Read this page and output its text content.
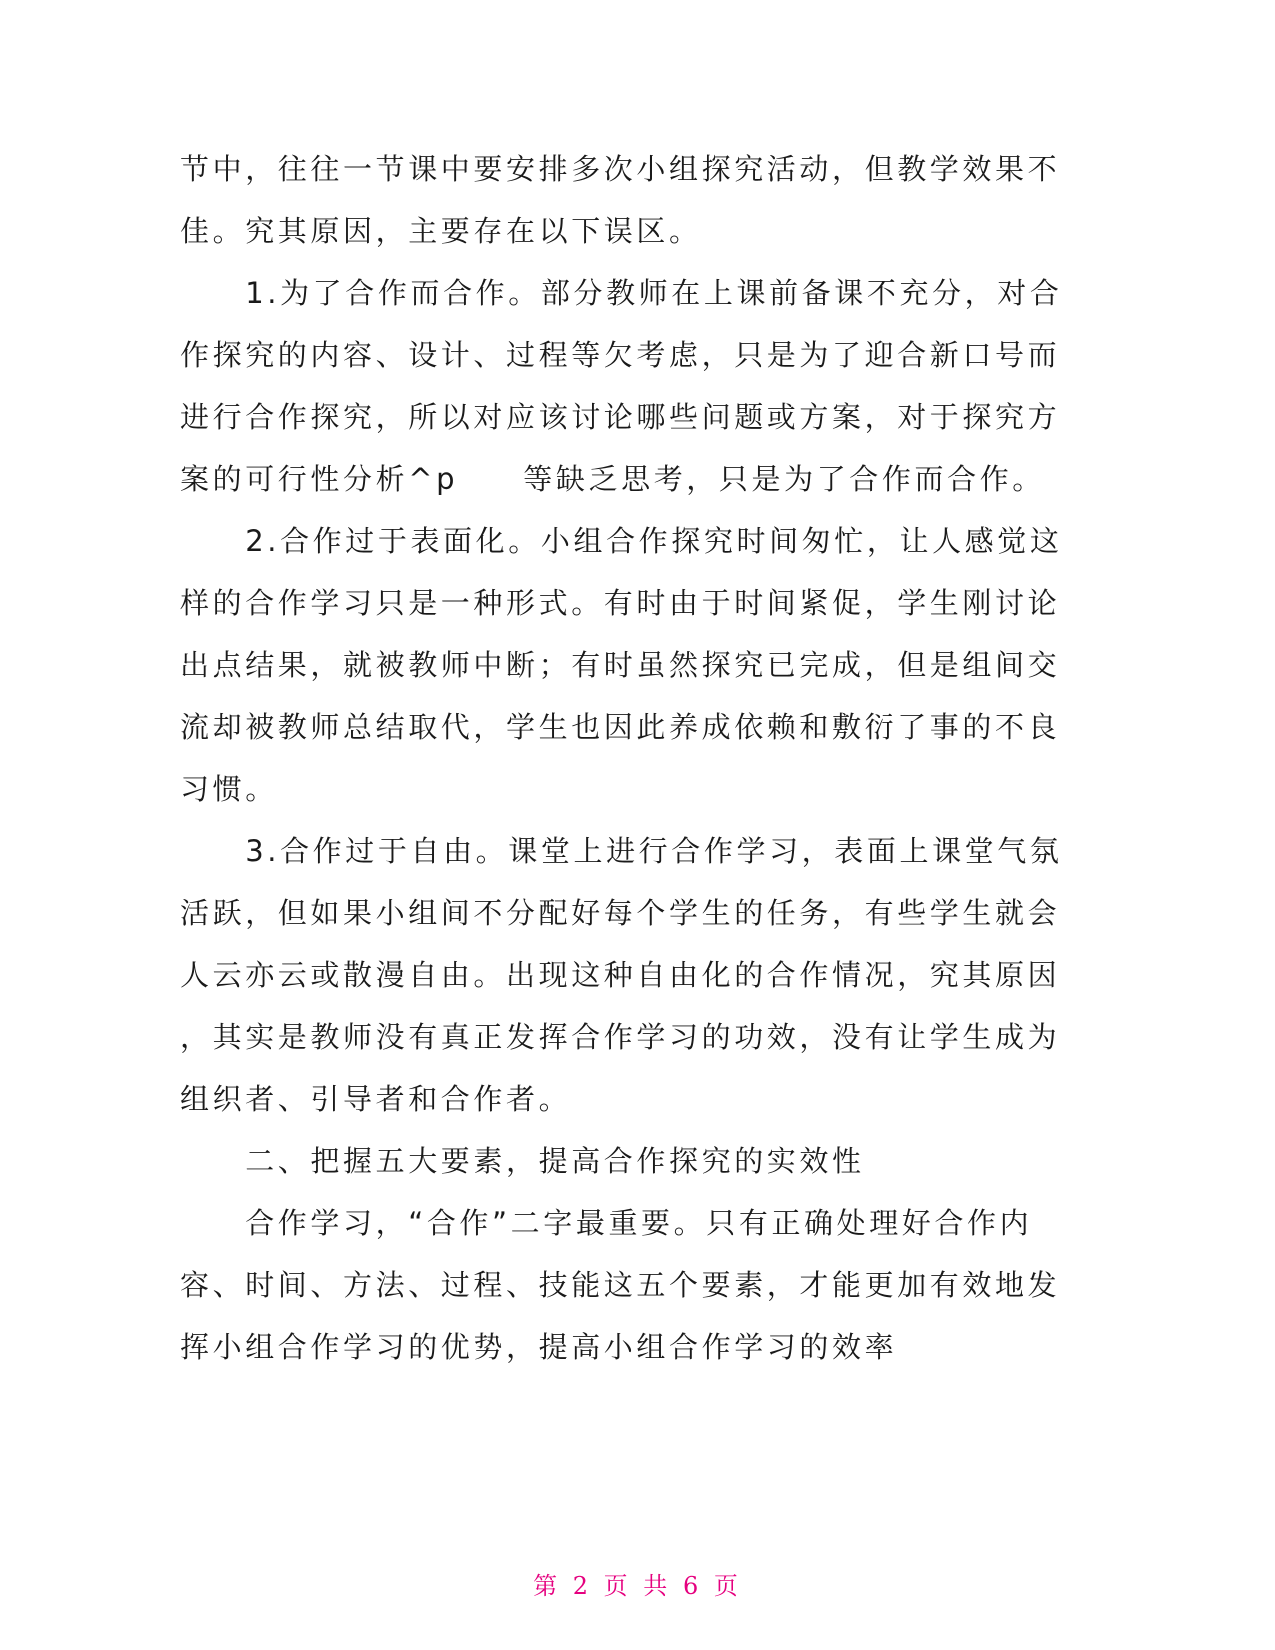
节中，往往一节课中要安排多次小组探究活动，但教学效果不
佳。究其原因，主要存在以下误区。
　　1.为了合作而合作。部分教师在上课前备课不充分，对合
作探究的内容、设计、过程等欠考虑，只是为了迎合新口号而
进行合作探究，所以对应该讨论哪些问题或方案，对于探究方
案的可行性分析^p　　等缺乏思考，只是为了合作而合作。
　　2.合作过于表面化。小组合作探究时间匆忙，让人感觉这
样的合作学习只是一种形式。有时由于时间紧促，学生刚讨论
出点结果，就被教师中断；有时虽然探究已完成，但是组间交
流却被教师总结取代，学生也因此养成依赖和敷衍了事的不良
习惯。
　　3.合作过于自由。课堂上进行合作学习，表面上课堂气氛
活跃，但如果小组间不分配好每个学生的任务，有些学生就会
人云亦云或散漫自由。出现这种自由化的合作情况，究其原因
，其实是教师没有真正发挥合作学习的功效，没有让学生成为
组织者、引导者和合作者。
　　二、把握五大要素，提高合作探究的实效性
　　合作学习，“合作”二字最重要。只有正确处理好合作内
容、时间、方法、过程、技能这五个要素，才能更加有效地发
挥小组合作学习的优势，提高小组合作学习的效率
第 2 页 共 6 页
